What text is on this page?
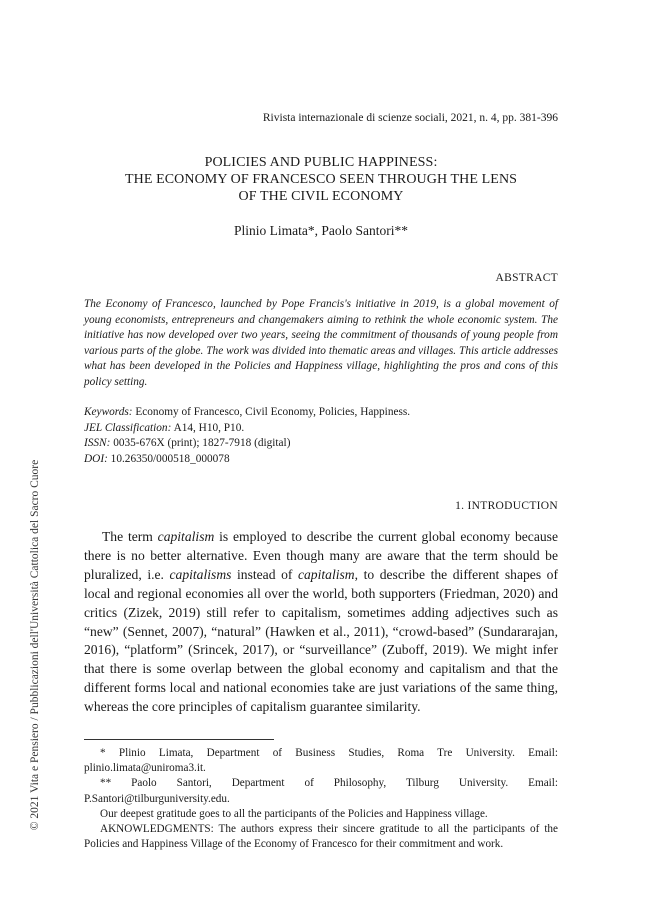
© 2021 Vita e Pensiero / Pubblicazioni dell'Università Cattolica del Sacro Cuore
Rivista internazionale di scienze sociali, 2021, n. 4, pp. 381-396
POLICIES AND PUBLIC HAPPINESS:
THE ECONOMY OF FRANCESCO SEEN THROUGH THE LENS
OF THE CIVIL ECONOMY
Plinio Limata*, Paolo Santori**
ABSTRACT
The Economy of Francesco, launched by Pope Francis's initiative in 2019, is a global movement of young economists, entrepreneurs and changemakers aiming to rethink the whole economic system. The initiative has now developed over two years, seeing the commitment of thousands of young people from various parts of the globe. The work was divided into thematic areas and villages. This article addresses what has been developed in the Policies and Happiness village, highlighting the pros and cons of this policy setting.
Keywords: Economy of Francesco, Civil Economy, Policies, Happiness.
JEL Classification: A14, H10, P10.
ISSN: 0035-676X (print); 1827-7918 (digital)
DOI: 10.26350/000518_000078
1. INTRODUCTION
The term capitalism is employed to describe the current global economy because there is no better alternative. Even though many are aware that the term should be pluralized, i.e. capitalisms instead of capitalism, to describe the different shapes of local and regional economies all over the world, both supporters (Friedman, 2020) and critics (Zizek, 2019) still refer to capitalism, sometimes adding adjectives such as “new” (Sennet, 2007), “natural” (Hawken et al., 2011), “crowd-based” (Sundararajan, 2016), “platform” (Srincek, 2017), or “surveillance” (Zuboff, 2019). We might infer that there is some overlap between the global economy and capitalism and that the different forms local and national economies take are just variations of the same thing, whereas the core principles of capitalism guarantee similarity.

* Plinio Limata, Department of Business Studies, Roma Tre University. Email: plinio.limata@uniroma3.it.

** Paolo Santori, Department of Philosophy, Tilburg University. Email: P.Santori@tilburguniversity.edu.

Our deepest gratitude goes to all the participants of the Policies and Happiness village.

AKNOWLEDGMENTS: The authors express their sincere gratitude to all the participants of the Policies and Happiness Village of the Economy of Francesco for their commitment and work.
